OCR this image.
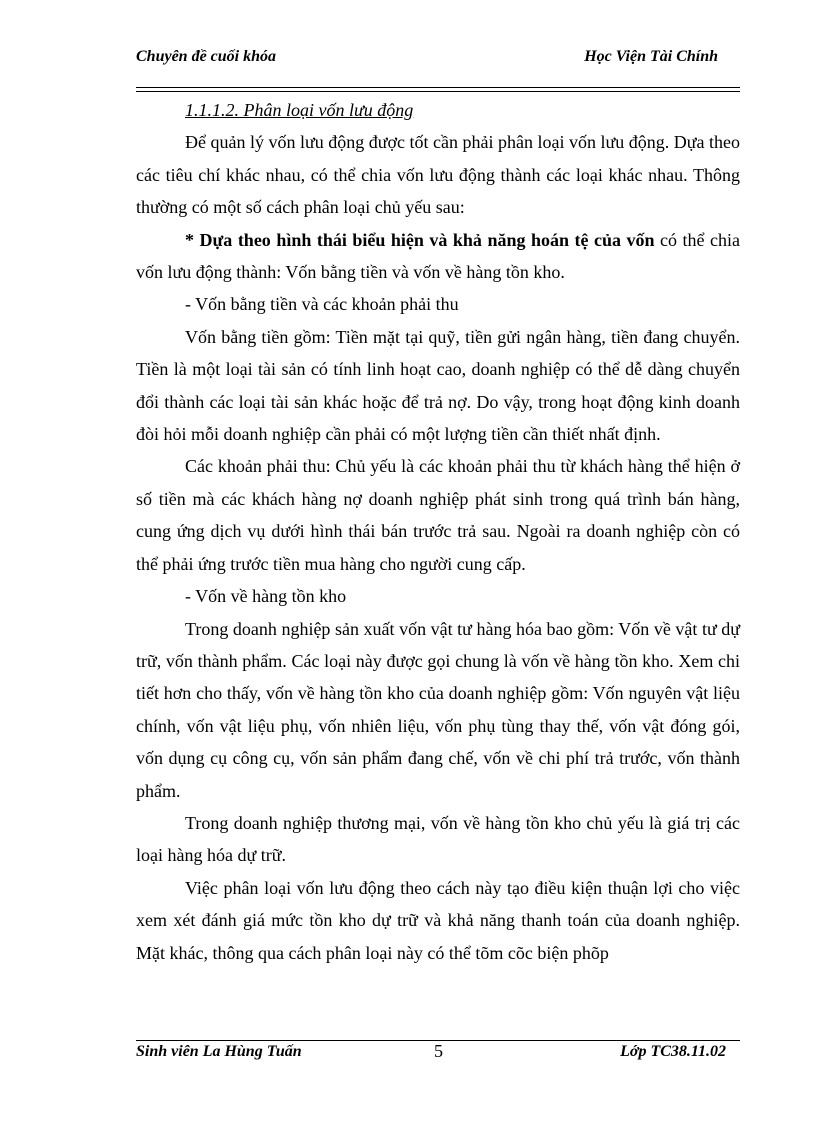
Chuyên đề cuối khóa	Học Viện Tài Chính

1.1.1.2. Phân loại vốn lưu động

Để quản lý vốn lưu động được tốt cần phải phân loại vốn lưu động. Dựa theo các tiêu chí khác nhau, có thể chia vốn lưu động thành các loại khác nhau. Thông thường có một số cách phân loại chủ yếu sau:

* Dựa theo hình thái biểu hiện và khả năng hoán tệ của vốn có thể chia vốn lưu động thành: Vốn bằng tiền và vốn về hàng tồn kho.

- Vốn bằng tiền và các khoản phải thu

Vốn bằng tiền gồm: Tiền mặt tại quỹ, tiền gửi ngân hàng, tiền đang chuyển. Tiền là một loại tài sản có tính linh hoạt cao, doanh nghiệp có thể dễ dàng chuyển đổi thành các loại tài sản khác hoặc để trả nợ. Do vậy, trong hoạt động kinh doanh đòi hỏi mỗi doanh nghiệp cần phải có một lượng tiền cần thiết nhất định.

Các khoản phải thu: Chủ yếu là các khoản phải thu từ khách hàng thể hiện ở số tiền mà các khách hàng nợ doanh nghiệp phát sinh trong quá trình bán hàng, cung ứng dịch vụ dưới hình thái bán trước trả sau. Ngoài ra doanh nghiệp còn có thể phải ứng trước tiền mua hàng cho người cung cấp.

- Vốn về hàng tồn kho

Trong doanh nghiệp sản xuất vốn vật tư hàng hóa bao gồm: Vốn về vật tư dự trữ, vốn thành phẩm. Các loại này được gọi chung là vốn về hàng tồn kho. Xem chi tiết hơn cho thấy, vốn về hàng tồn kho của doanh nghiệp gồm: Vốn nguyên vật liệu chính, vốn vật liệu phụ, vốn nhiên liệu, vốn phụ tùng thay thế, vốn vật đóng gói, vốn dụng cụ công cụ, vốn sản phẩm đang chế, vốn về chi phí trả trước, vốn thành phẩm.

Trong doanh nghiệp thương mại, vốn về hàng tồn kho chủ yếu là giá trị các loại hàng hóa dự trữ.

Việc phân loại vốn lưu động theo cách này tạo điều kiện thuận lợi cho việc xem xét đánh giá mức tồn kho dự trữ và khả năng thanh toán của doanh nghiệp. Mặt khác, thông qua cách phân loại này có thể tõm cõc biện phõp

Sinh viên La Hùng Tuấn	5	Lớp TC38.11.02
